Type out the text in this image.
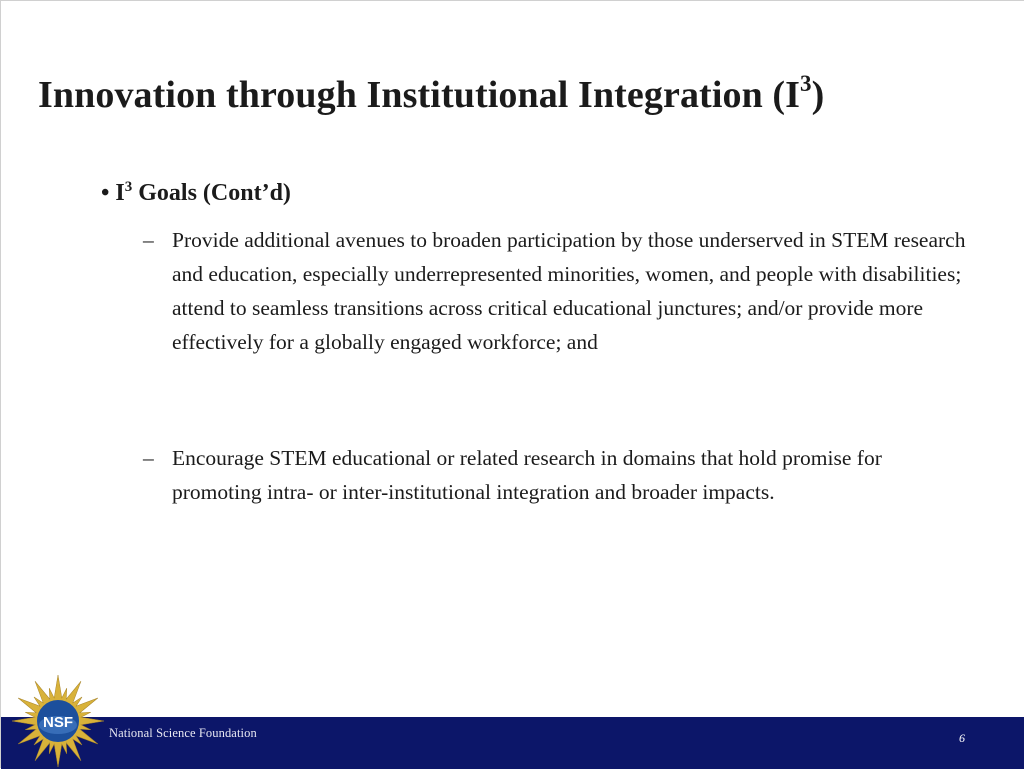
Innovation through Institutional Integration $(I^3)$
• $I^3$ Goals (Cont’d)
– Provide additional avenues to broaden participation by those underserved in STEM research and education, especially underrepresented minorities, women, and people with disabilities; attend to seamless transitions across critical educational junctures; and/or provide more effectively for a globally engaged workforce; and
– Encourage STEM educational or related research in domains that hold promise for promoting intra- or inter-institutional integration and broader impacts.
NSF
National Science Foundation	6
